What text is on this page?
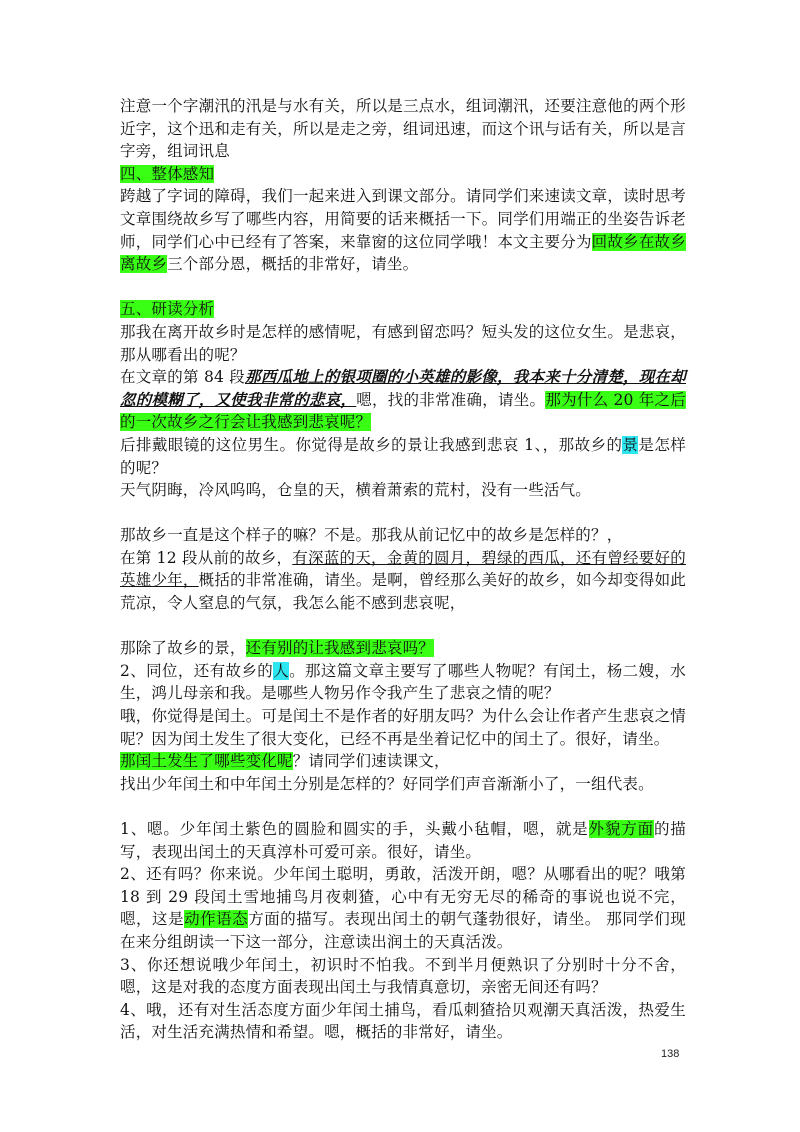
注意一个字潮汛的汛是与水有关，所以是三点水，组词潮汛，还要注意他的两个形近字，这个迅和走有关，所以是走之旁，组词迅速，而这个讯与话有关，所以是言字旁，组词讯息

四、整体感知

跨越了字词的障碍，我们一起来进入到课文部分。请同学们来速读文章，读时思考文章围绕故乡写了哪些内容，用简要的话来概括一下。同学们用端正的坐姿告诉老师，同学们心中已经有了答案，来靠窗的这位同学哦！本文主要分为回故乡在故乡离故乡三个部分恩，概括的非常好，请坐。

五、研读分析

那我在离开故乡时是怎样的感情呢，有感到留恋吗？短头发的这位女生。是悲哀，那从哪看出的呢？

在文章的第 84 段那西瓜地上的银项圈的小英雄的影像，我本来十分清楚，现在却忽的模糊了，又使我非常的悲哀，嗯，找的非常准确，请坐。那为什么 20 年之后的一次故乡之行会让我感到悲哀呢？

后排戴眼镜的这位男生。你觉得是故乡的景让我感到悲哀 1、，那故乡的景是怎样的呢？

天气阴晦，冷风呜呜，仓皇的天，横着萧索的荒村，没有一些活气。

那故乡一直是这个样子的嘛？不是。那我从前记忆中的故乡是怎样的？，

在第 12 段从前的故乡，有深蓝的天，金黄的圆月，碧绿的西瓜，还有曾经要好的英雄少年，概括的非常准确，请坐。是啊，曾经那么美好的故乡，如今却变得如此荒凉，令人窒息的气氛，我怎么能不感到悲哀呢，

那除了故乡的景，还有别的让我感到悲哀吗？

2、同位，还有故乡的人。那这篇文章主要写了哪些人物呢？有闰土，杨二嫂，水生，鸿儿母亲和我。是哪些人物另作令我产生了悲哀之情的呢？

哦，你觉得是闰土。可是闰土不是作者的好朋友吗？为什么会让作者产生悲哀之情呢？因为闰土发生了很大变化，已经不再是坐着记忆中的闰土了。很好，请坐。

那闰土发生了哪些变化呢？请同学们速读课文，

找出少年闰土和中年闰土分别是怎样的？好同学们声音渐渐小了，一组代表。

1、嗯。少年闰土紫色的圆脸和圆实的手，头戴小毡帽，嗯，就是外貌方面的描写，表现出闰土的天真淳朴可爱可亲。很好，请坐。

2、还有吗？你来说。少年闰土聪明，勇敢，活泼开朗，嗯？从哪看出的呢？哦第 18 到 29 段闰土雪地捕鸟月夜刺猹，心中有无穷无尽的稀奇的事说也说不完，嗯，这是动作语态方面的描写。表现出闰土的朝气蓬勃很好，请坐。 那同学们现在来分组朗读一下这一部分，注意读出润土的天真活泼。

3、你还想说哦少年闰土，初识时不怕我。不到半月便熟识了分别时十分不舍，嗯，这是对我的态度方面表现出闰土与我情真意切，亲密无间还有吗？

4、哦，还有对生活态度方面少年闰土捕鸟，看瓜刺猹拾贝观潮天真活泼，热爱生活，对生活充满热情和希望。嗯，概括的非常好，请坐。

138
